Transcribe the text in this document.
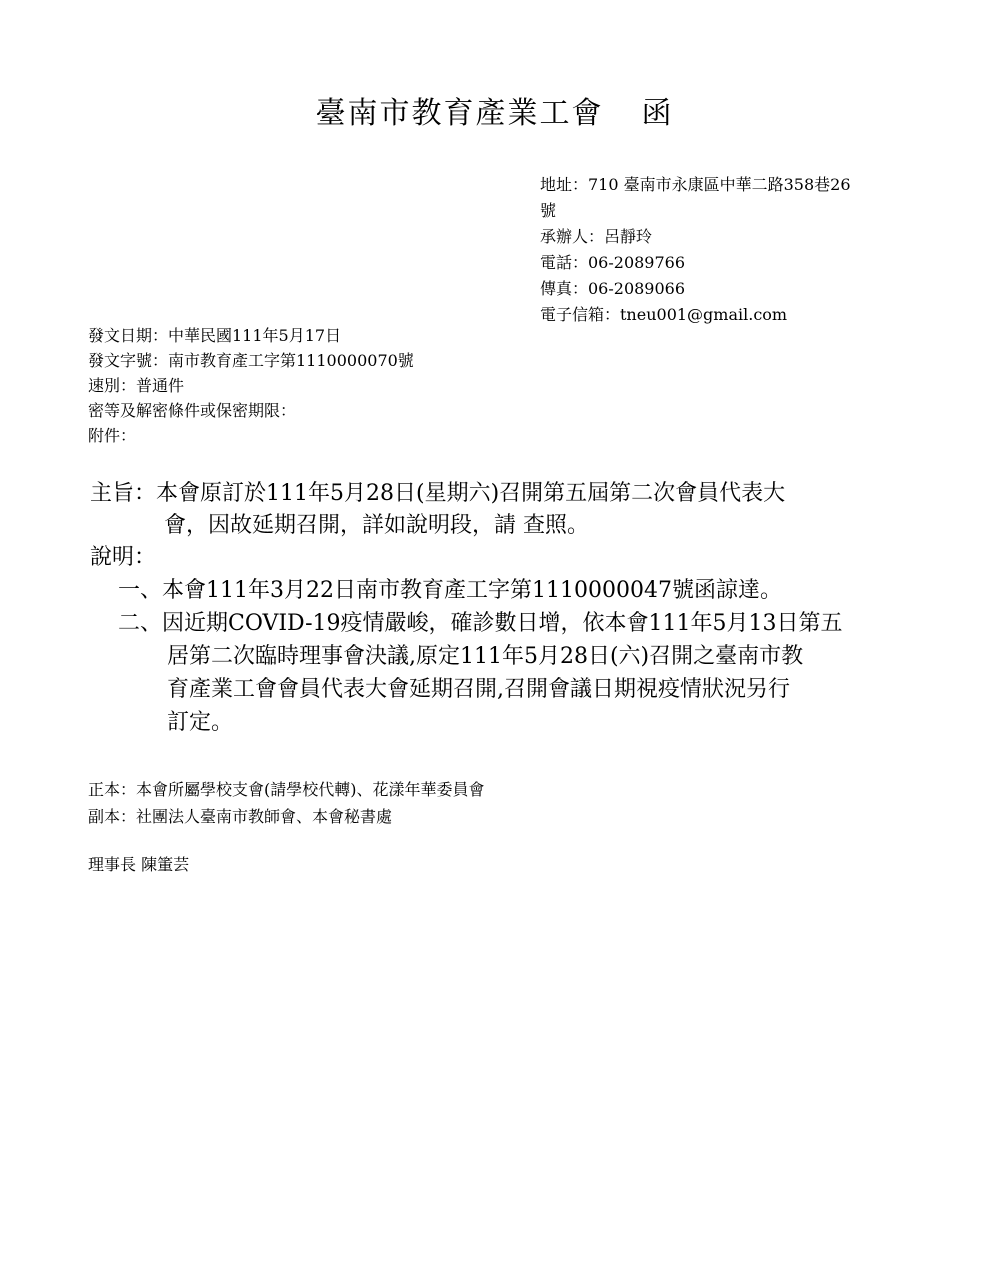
臺南市教育產業工會 函
地址：710 臺南市永康區中華二路358巷26
號
承辦人：呂靜玲
電話：06-2089766
傳真：06-2089066
電子信箱：tneu001@gmail.com
發文日期：中華民國111年5月17日
發文字號：南市教育產工字第1110000070號
速別：普通件
密等及解密條件或保密期限：
附件：
主旨：本會原訂於111年5月28日(星期六)召開第五屆第二次會員代表大
會，因故延期召開，詳如說明段，請 查照。
說明：
一、本會111年3月22日南市教育產工字第1110000047號函諒達。
二、因近期COVID-19疫情嚴峻，確診數日增，依本會111年5月13日第五
居第二次臨時理事會決議,原定111年5月28日(六)召開之臺南市教
育產業工會會員代表大會延期召開,召開會議日期視疫情狀況另行
訂定。
正本：本會所屬學校支會(請學校代轉)、花漾年華委員會
副本：社團法人臺南市教師會、本會秘書處
理事長 陳箽芸
